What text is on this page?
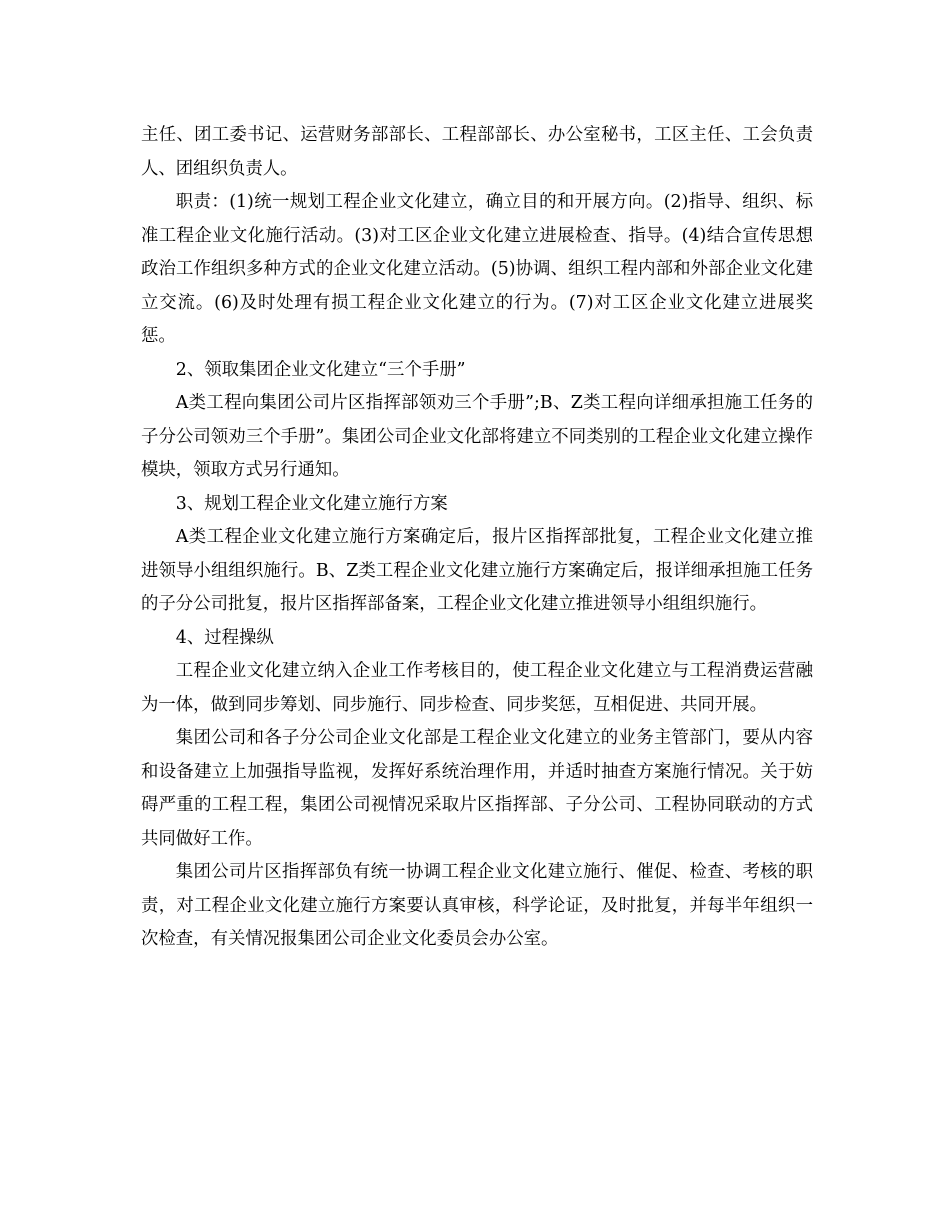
主任、团工委书记、运营财务部部长、工程部部长、办公室秘书，工区主任、工会负责人、团组织负责人。

职责：(1)统一规划工程企业文化建立，确立目的和开展方向。(2)指导、组织、标准工程企业文化施行活动。(3)对工区企业文化建立进展检查、指导。(4)结合宣传思想政治工作组织多种方式的企业文化建立活动。(5)协调、组织工程内部和外部企业文化建立交流。(6)及时处理有损工程企业文化建立的行为。(7)对工区企业文化建立进展奖惩。

2、领取集团企业文化建立“三个手册”

A类工程向集团公司片区指挥部领劝三个手册”;B、Z类工程向详细承担施工任务的子分公司领劝三个手册”。集团公司企业文化部将建立不同类别的工程企业文化建立操作模块，领取方式另行通知。

3、规划工程企业文化建立施行方案

A类工程企业文化建立施行方案确定后，报片区指挥部批复，工程企业文化建立推进领导小组组织施行。B、Z类工程企业文化建立施行方案确定后，报详细承担施工任务的子分公司批复，报片区指挥部备案，工程企业文化建立推进领导小组组织施行。

4、过程操纵

工程企业文化建立纳入企业工作考核目的，使工程企业文化建立与工程消费运营融为一体，做到同步筹划、同步施行、同步检查、同步奖惩，互相促进、共同开展。

集团公司和各子分公司企业文化部是工程企业文化建立的业务主管部门，要从内容和设备建立上加强指导监视，发挥好系统治理作用，并适时抽查方案施行情况。关于妨碍严重的工程工程，集团公司视情况采取片区指挥部、子分公司、工程协同联动的方式共同做好工作。

集团公司片区指挥部负有统一协调工程企业文化建立施行、催促、检查、考核的职责，对工程企业文化建立施行方案要认真审核，科学论证，及时批复，并每半年组织一次检查，有关情况报集团公司企业文化委员会办公室。
